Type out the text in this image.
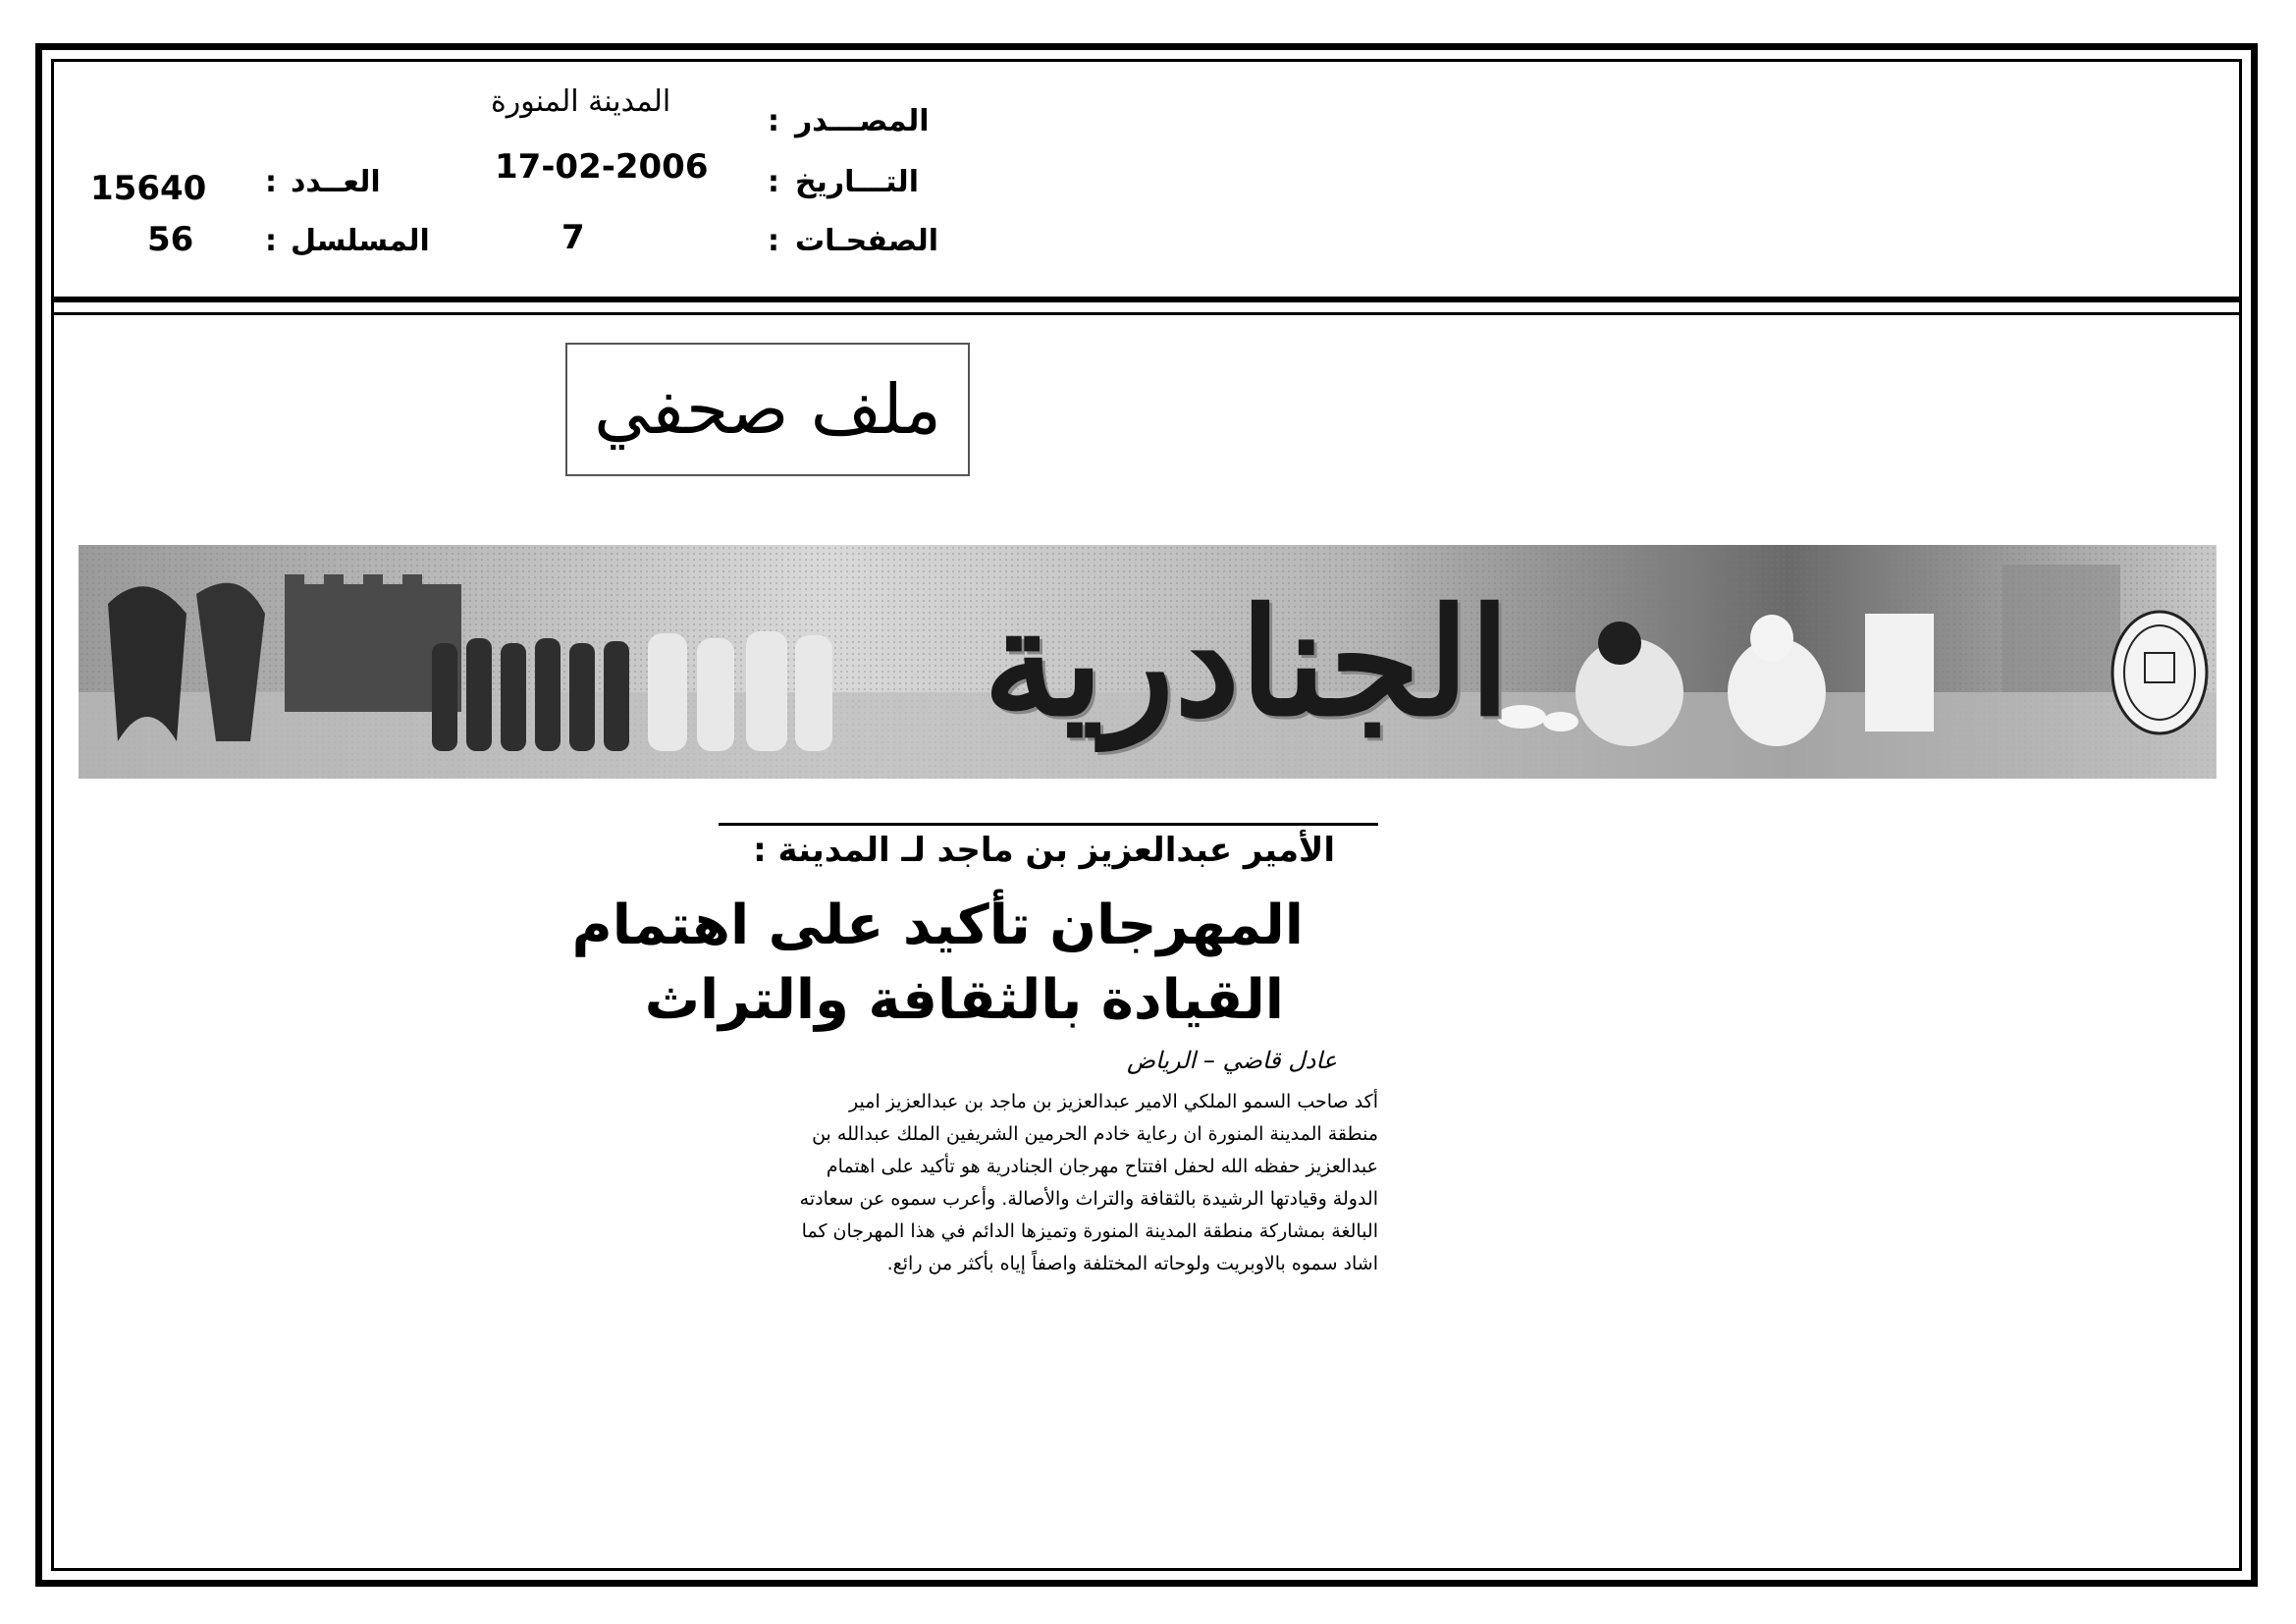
المصـــدر
:
المدينة المنورة
التـــاريخ
:
17-02-2006
الصفحـات
:
7
العــدد
:
15640
المسلسل
:
56
ملف صحفي
الجنادرية
الأمير عبدالعزيز بن ماجد لـ المدينة :
المهرجان تأكيد على اهتمام
القيادة بالثقافة والتراث
عادل قاضي – الرياض
أكد صاحب السمو الملكي الامير عبدالعزيز بن ماجد بن عبدالعزيز امير
منطقة المدينة المنورة ان رعاية خادم الحرمين الشريفين الملك عبدالله بن
عبدالعزيز حفظه الله لحفل افتتاح مهرجان الجنادرية هو تأكيد على اهتمام
الدولة وقيادتها الرشيدة بالثقافة والتراث والأصالة. وأعرب سموه عن سعادته
البالغة بمشاركة منطقة المدينة المنورة وتميزها الدائم في هذا المهرجان كما
اشاد سموه بالاوبريت ولوحاته المختلفة واصفاً إياه بأكثر من رائع.
